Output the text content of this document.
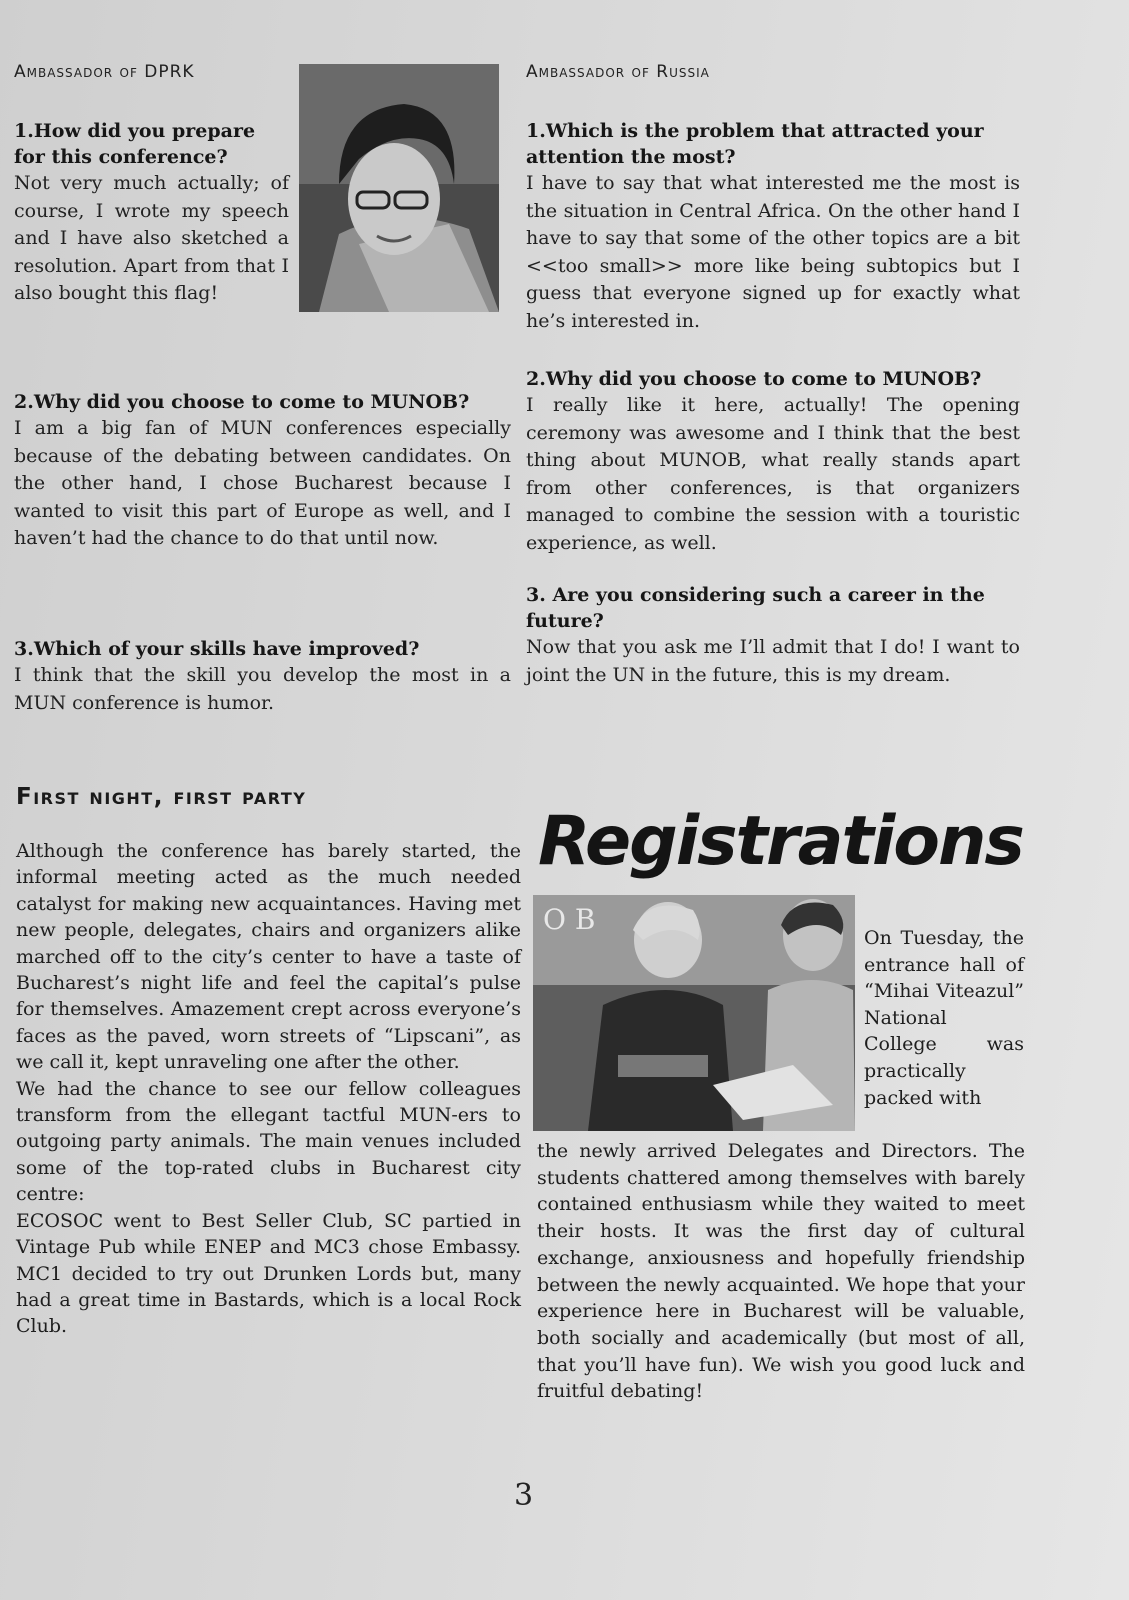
Ambassador of DPRK

1.How did you prepare for this conference?

Not very much actually; of course, I wrote my speech and I have also sketched a resolution. Apart from that I also bought this flag!

2.Why did you choose to come to MUNOB?

I am a big fan of MUN conferences especially because of the debating between candidates. On the other hand, I chose Bucharest because I wanted to visit this part of Europe as well, and I haven’t had the chance to do that until now.

3.Which of your skills have improved?

I think that the skill you develop the most in a MUN conference is humor.

Ambassador of Russia

1.Which is the problem that attracted your attention the most?

I have to say that what interested me the most is the situation in Central Africa. On the other hand I have to say that some of the other topics are a bit <<too small>> more like being subtopics but I guess that everyone signed up for exactly what he’s interested in.

2.Why did you choose to come to MUNOB?

I really like it here, actually! The opening ceremony was awesome and I think that the best thing about MUNOB, what really stands apart from other conferences, is that organizers managed to combine the session with a touristic experience, as well.

3. Are you considering such a career in the future?

Now that you ask me I’ll admit that I do! I want to joint the UN in the future, this is my dream.

First night, first party

Although the conference has barely started, the informal meeting acted as the much needed catalyst for making new acquaintances. Having met new people, delegates, chairs and organizers alike marched off to the city’s center to have a taste of Bucharest’s night life and feel the capital’s pulse for themselves. Amazement crept across everyone’s faces as the paved, worn streets of “Lipscani”, as we call it, kept unraveling one after the other.

We had the chance to see our fellow colleagues transform from the ellegant tactful MUN-ers to outgoing party animals. The main venues included some of the top-rated clubs in Bucharest city centre:

ECOSOC went to Best Seller Club, SC partied in Vintage Pub while ENEP and MC3 chose Embassy. MC1 decided to try out Drunken Lords but, many had a great time in Bastards, which is a local Rock Club.

Registrations
O B

On Tuesday, the entrance hall of “Mihai Viteazul” National College was practically packed with

the newly arrived Delegates and Directors. The students chattered among themselves with barely contained enthusiasm while they waited to meet their hosts. It was the first day of cultural exchange, anxiousness and hopefully friendship between the newly acquainted. We hope that your experience here in Bucharest will be valuable, both socially and academically (but most of all, that you’ll have fun). We wish you good luck and fruitful debating!

3
